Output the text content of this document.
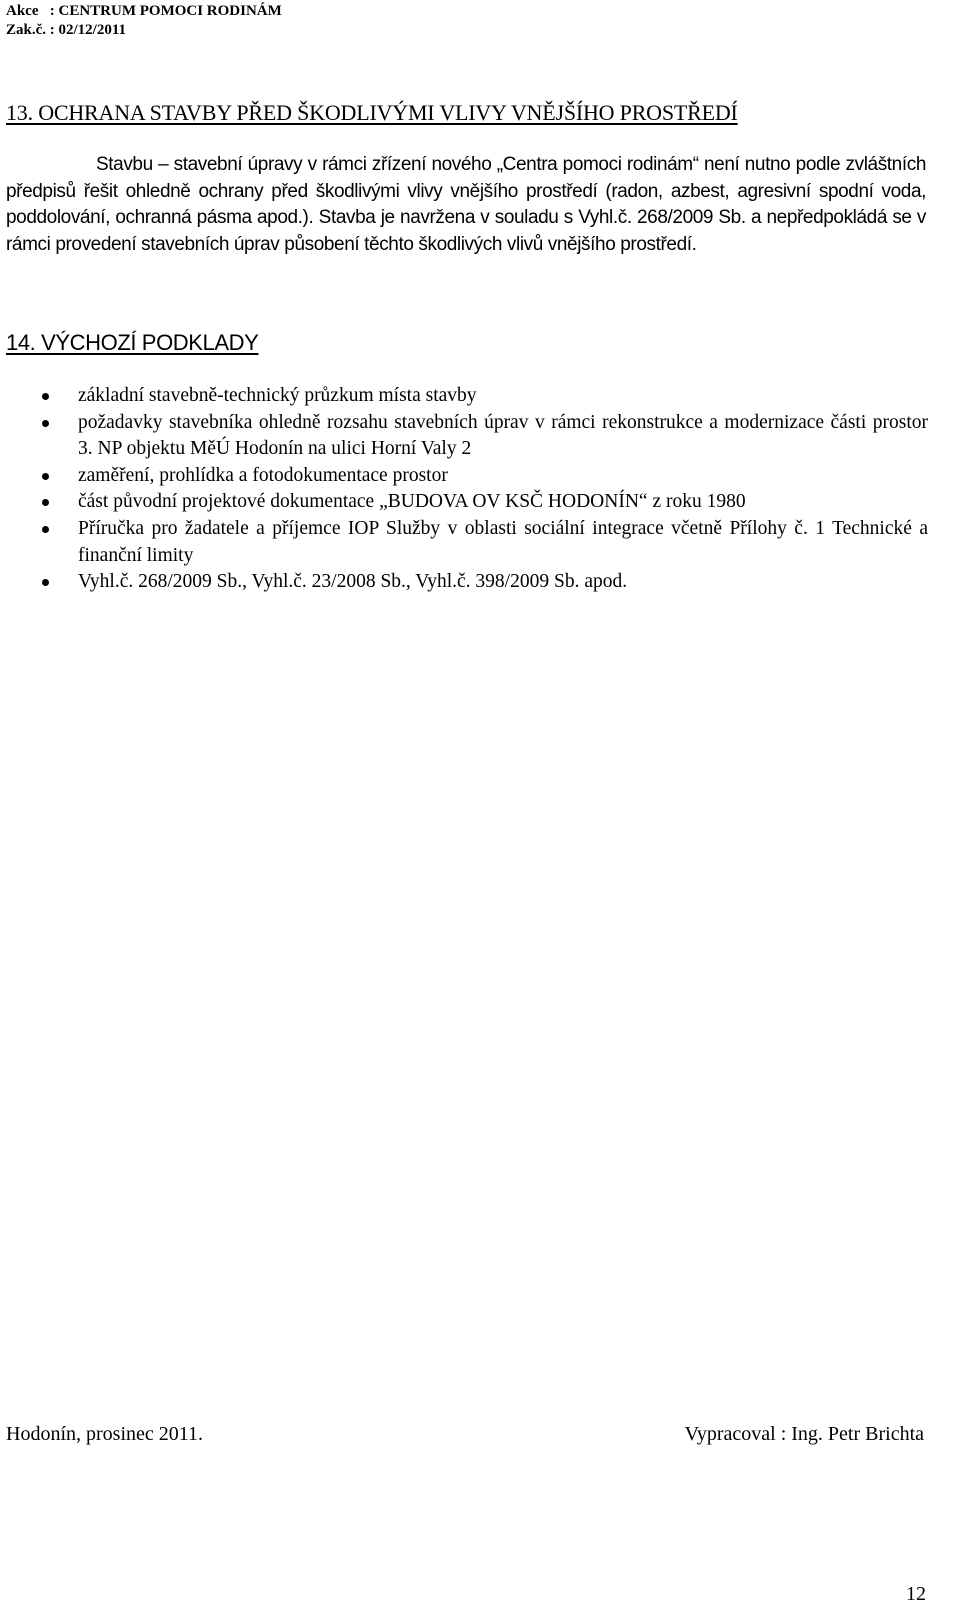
Akce   : CENTRUM POMOCI RODINÁM
Zak.č. : 02/12/2011
13. OCHRANA STAVBY PŘED ŠKODLIVÝMI VLIVY VNĚJŠÍHO PROSTŘEDÍ
Stavbu – stavební úpravy v rámci zřízení nového „Centra pomoci rodinám“ není nutno podle zvláštních předpisů řešit ohledně ochrany před škodlivými vlivy vnějšího prostředí (radon, azbest, agresivní spodní voda, poddolování, ochranná pásma apod.). Stavba je navržena v souladu s Vyhl.č. 268/2009 Sb. a nepředpokládá se v rámci provedení stavebních úprav působení těchto škodlivých vlivů vnějšího prostředí.
14. VÝCHOZÍ PODKLADY
základní stavebně-technický průzkum místa stavby
požadavky stavebníka ohledně rozsahu stavebních úprav v rámci rekonstrukce a modernizace části prostor 3. NP objektu MěÚ Hodonín na ulici Horní Valy 2
zaměření, prohlídka a fotodokumentace prostor
část původní projektové dokumentace „BUDOVA OV KSČ HODONÍN“ z roku 1980
Příručka pro žadatele a příjemce IOP Služby v oblasti sociální integrace včetně Přílohy č. 1 Technické a finanční limity
Vyhl.č. 268/2009 Sb., Vyhl.č. 23/2008 Sb., Vyhl.č. 398/2009 Sb. apod.
Hodonín, prosinec 2011.	Vypracoval : Ing. Petr Brichta
12
